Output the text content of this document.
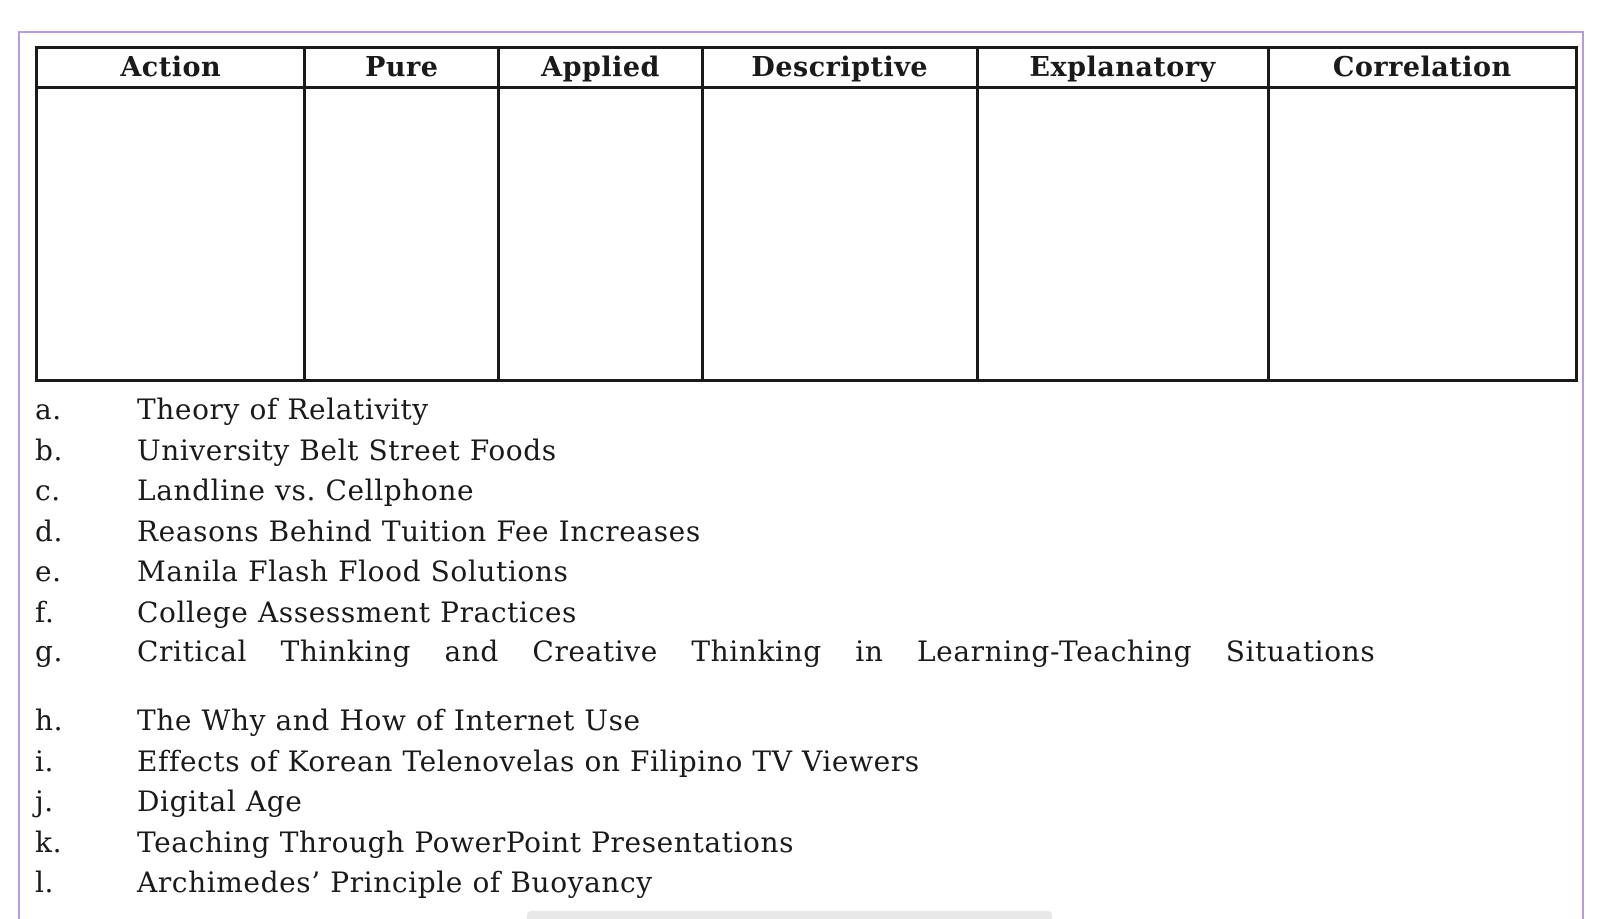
Action	Pure	Applied	Descriptive	Explanatory	Correlation

a.	Theory of Relativity
b.	University Belt Street Foods
c.	Landline vs. Cellphone
d.	Reasons Behind Tuition Fee Increases
e.	Manila Flash Flood Solutions
f.	College Assessment Practices
g.	Critical Thinking and Creative Thinking in Learning-Teaching Situations
h.	The Why and How of Internet Use
i.	Effects of Korean Telenovelas on Filipino TV Viewers
j.	Digital Age
k.	Teaching Through PowerPoint Presentations
l.	Archimedes’ Principle of Buoyancy
